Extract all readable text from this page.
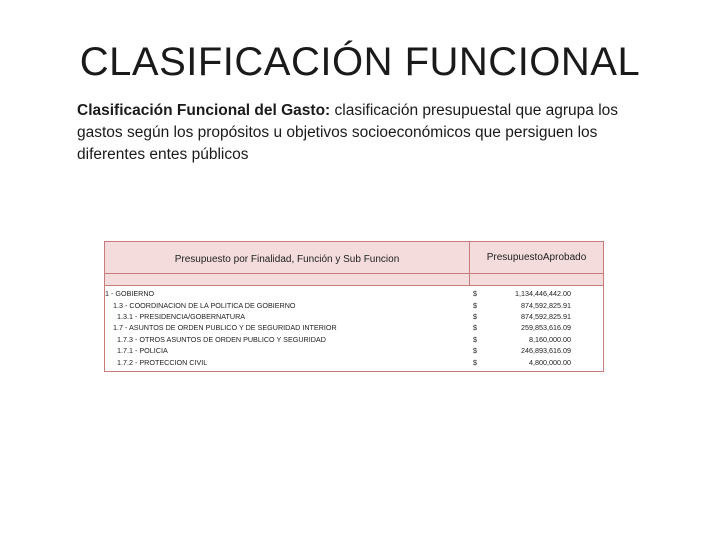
CLASIFICACIÓN FUNCIONAL
Clasificación Funcional del Gasto: clasificación presupuestal que agrupa los gastos según los propósitos u objetivos socioeconómicos que persiguen los diferentes entes públicos
Presupuesto por Finalidad, Función y Sub Funcion	Presupuesto Aprobado
1 - GOBIERNO	$	1,134,446,442.00
1.3 - COORDINACION DE LA POLITICA DE GOBIERNO	$	874,592,825.91
1.3.1 - PRESIDENCIA/GOBERNATURA	$	874,592,825.91
1.7 - ASUNTOS DE ORDEN PUBLICO Y DE SEGURIDAD INTERIOR	$	259,853,616.09
1.7.3 - OTROS ASUNTOS DE ORDEN PUBLICO Y SEGURIDAD	$	8,160,000.00
1.7.1 - POLICIA	$	246,893,616.09
1.7.2 - PROTECCION CIVIL	$	4,800,000.00
